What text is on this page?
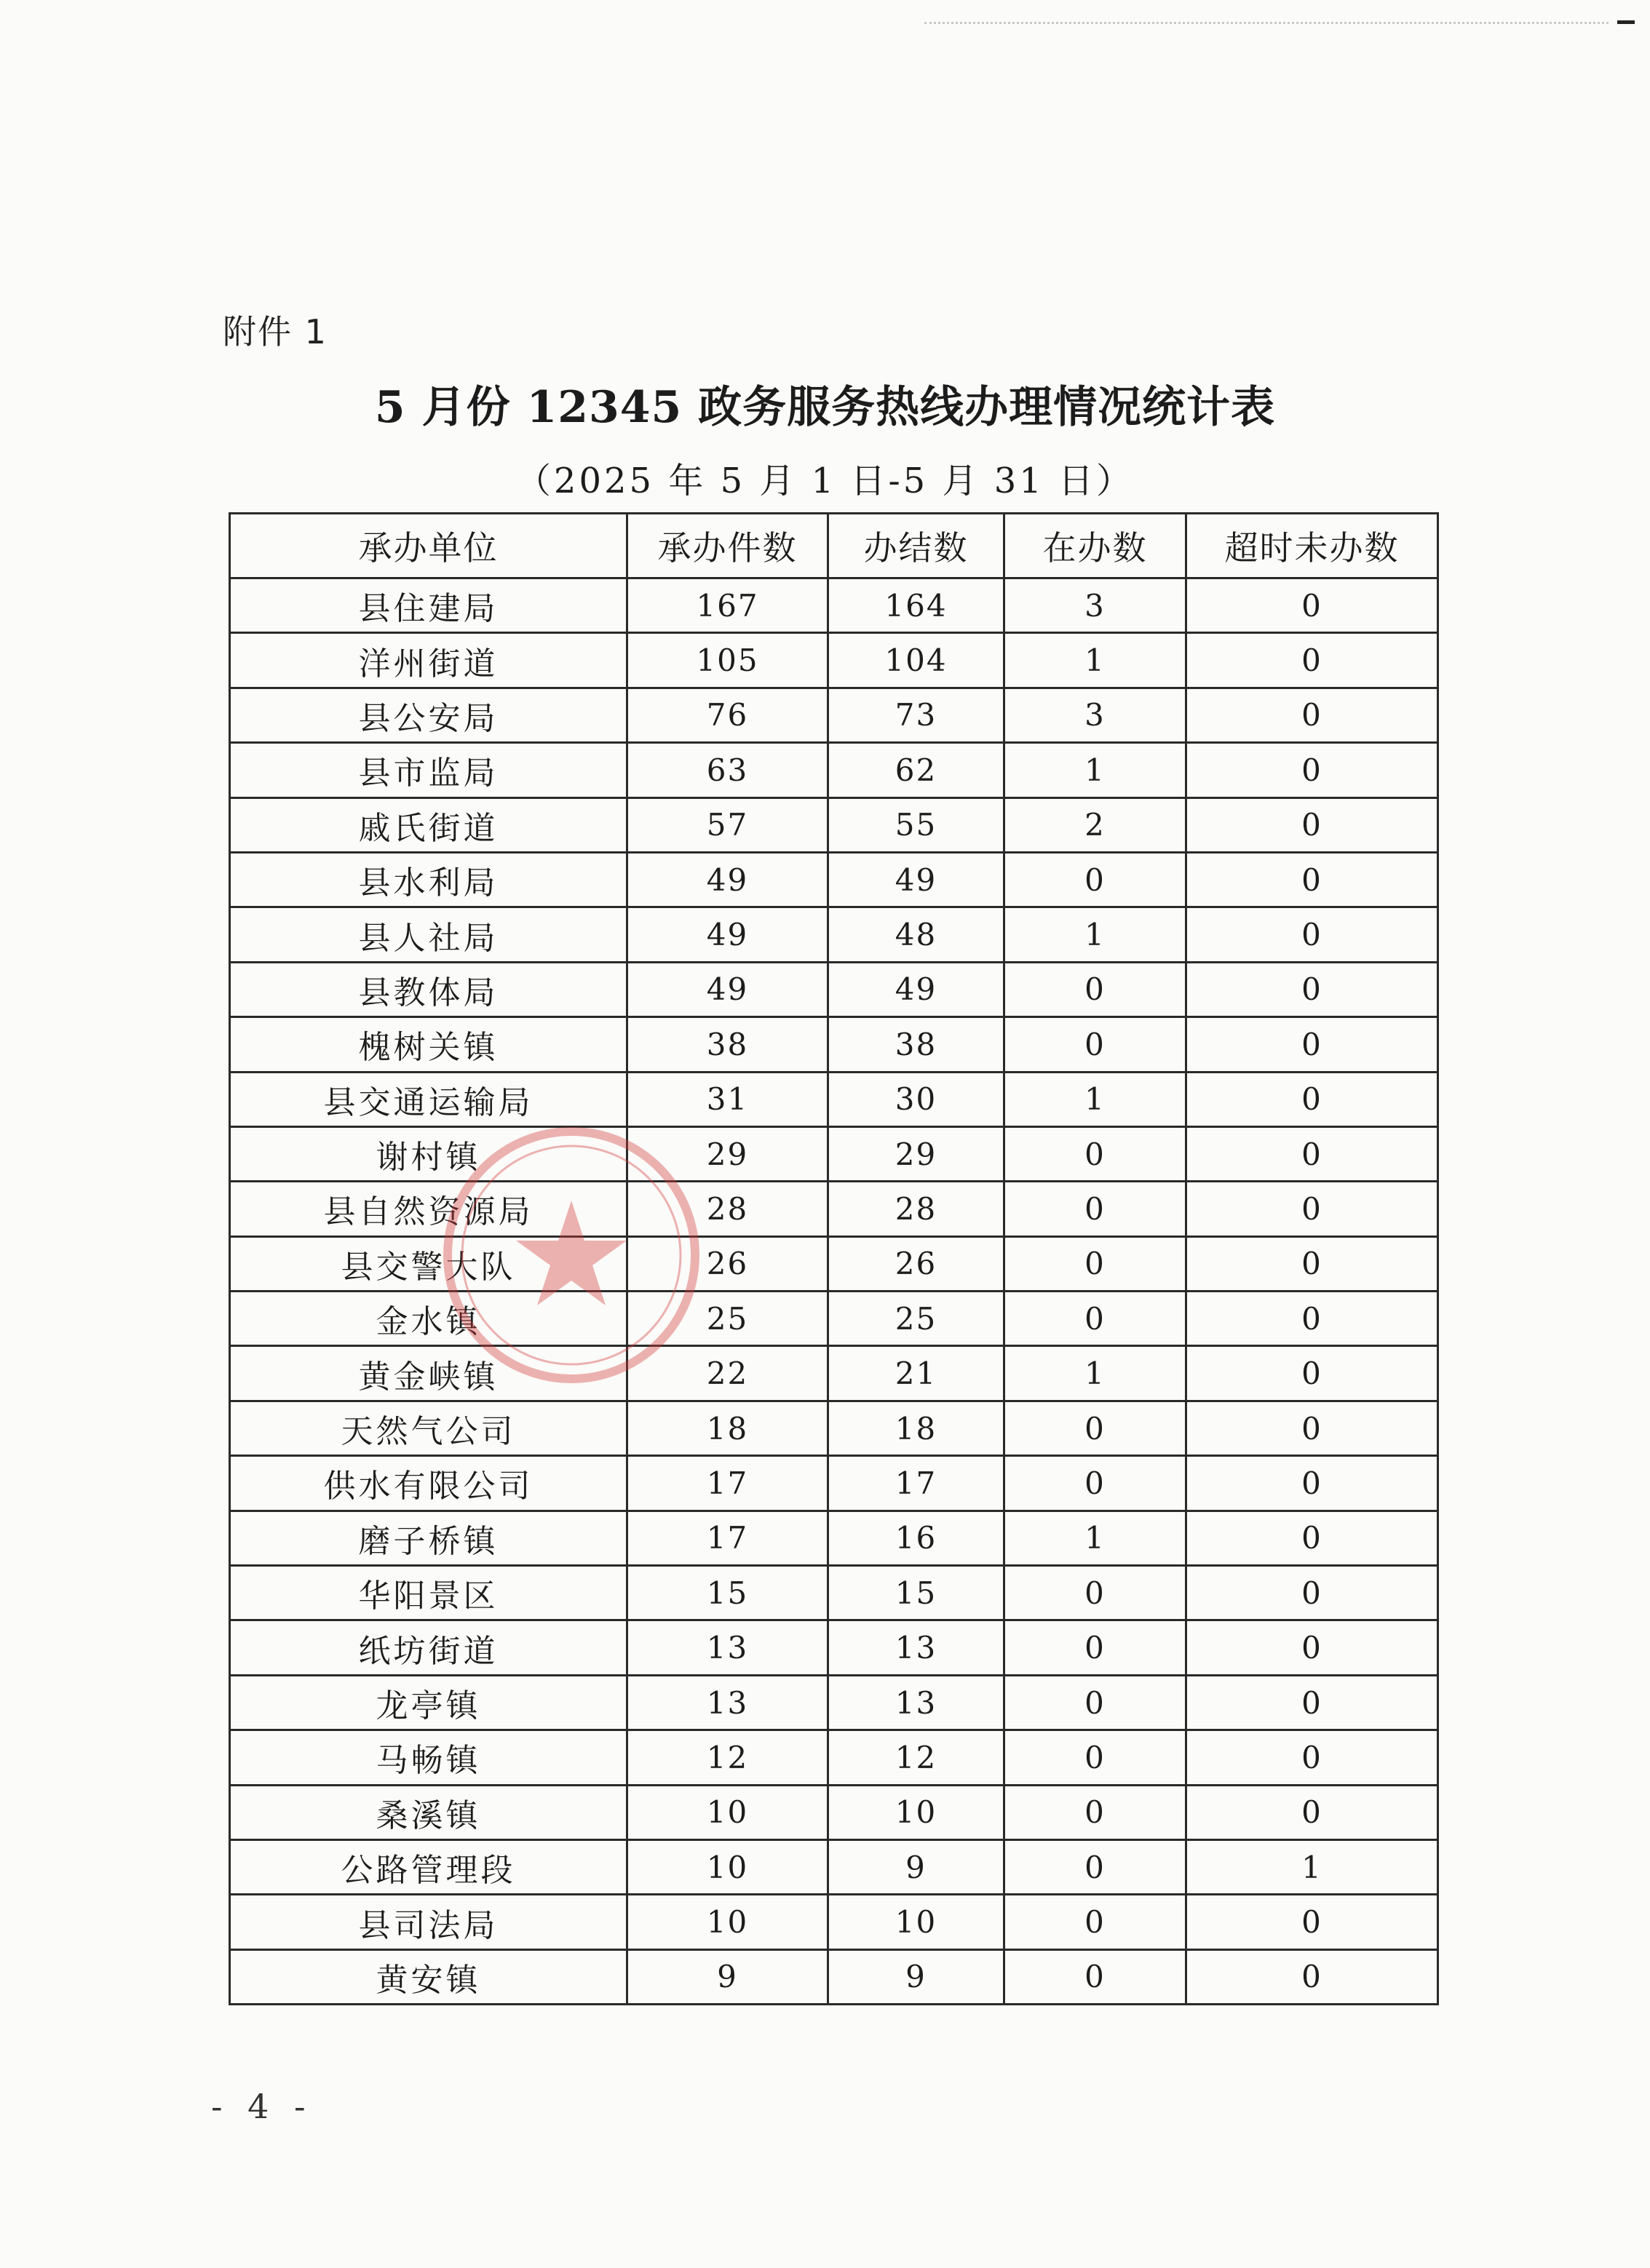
附件 1
5 月份 12345 政务服务热线办理情况统计表
（2025 年 5 月 1 日-5 月 31 日）
承办单位	承办件数	办结数	在办数	超时未办数
县住建局	167	164	3	0
洋州街道	105	104	1	0
县公安局	76	73	3	0
县市监局	63	62	1	0
戚氏街道	57	55	2	0
县水利局	49	49	0	0
县人社局	49	48	1	0
县教体局	49	49	0	0
槐树关镇	38	38	0	0
县交通运输局	31	30	1	0
谢村镇	29	29	0	0
县自然资源局	28	28	0	0
县交警大队	26	26	0	0
金水镇	25	25	0	0
黄金峡镇	22	21	1	0
天然气公司	18	18	0	0
供水有限公司	17	17	0	0
磨子桥镇	17	16	1	0
华阳景区	15	15	0	0
纸坊街道	13	13	0	0
龙亭镇	13	13	0	0
马畅镇	12	12	0	0
桑溪镇	10	10	0	0
公路管理段	10	9	0	1
县司法局	10	10	0	0
黄安镇	9	9	0	0
- 4 -
